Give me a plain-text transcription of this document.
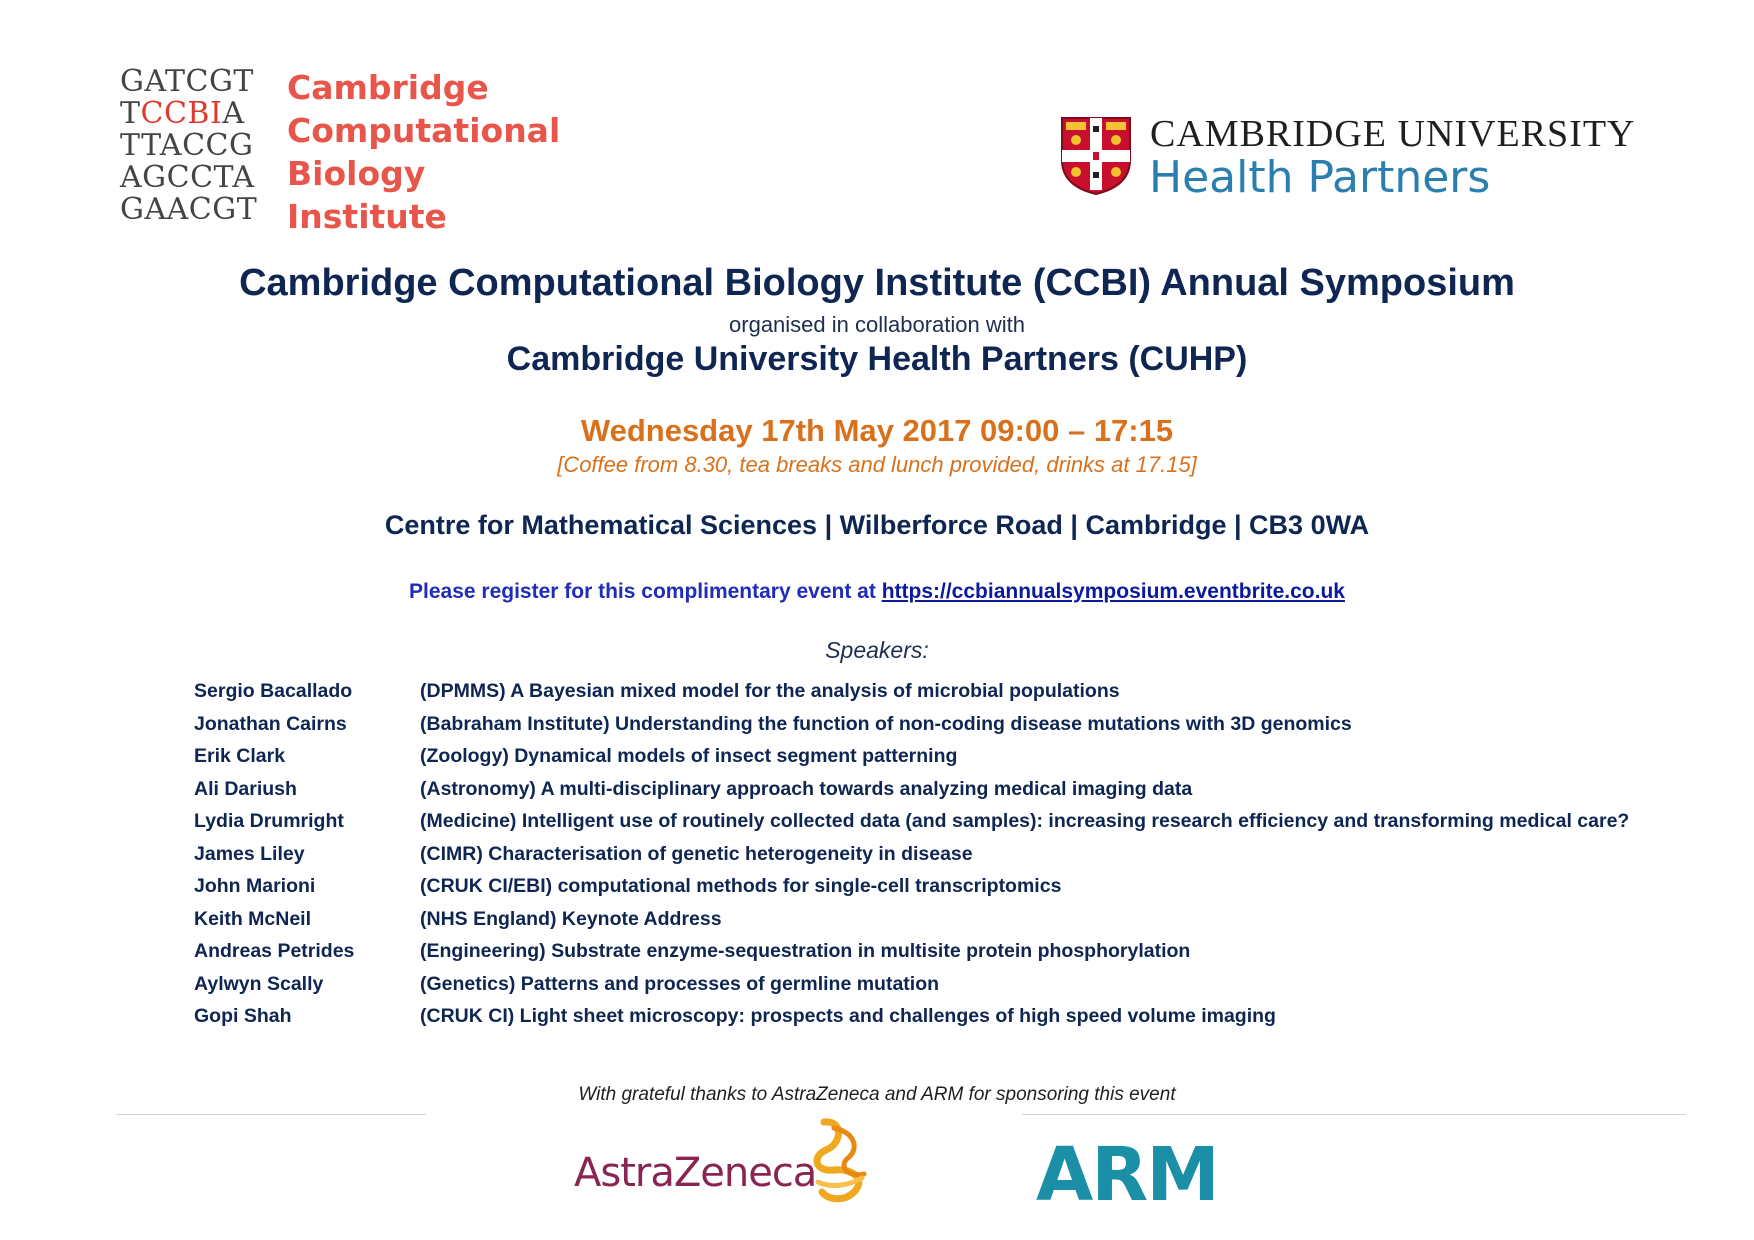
GATCGT
TCCBIA
TTACCG
AGCCTA
GAACGT
Cambridge
Computational
Biology
Institute
CAMBRIDGE UNIVERSITY
Health Partners
Cambridge Computational Biology Institute (CCBI) Annual Symposium
organised in collaboration with
Cambridge University Health Partners (CUHP)
Wednesday 17th May 2017 09:00 – 17:15
[Coffee from 8.30, tea breaks and lunch provided, drinks at 17.15]
Centre for Mathematical Sciences | Wilberforce Road | Cambridge | CB3 0WA
Please register for this complimentary event at https://ccbiannualsymposium.eventbrite.co.uk
Speakers:
Sergio Bacallado	(DPMMS) A Bayesian mixed model for the analysis of microbial populations
Jonathan Cairns	(Babraham Institute) Understanding the function of non-coding disease mutations with 3D genomics
Erik Clark	(Zoology) Dynamical models of insect segment patterning
Ali Dariush	(Astronomy) A multi-disciplinary approach towards analyzing medical imaging data
Lydia Drumright	(Medicine) Intelligent use of routinely collected data (and samples): increasing research efficiency and transforming medical care?
James Liley	(CIMR) Characterisation of genetic heterogeneity in disease
John Marioni	(CRUK CI/EBI) computational methods for single-cell transcriptomics
Keith McNeil	(NHS England) Keynote Address
Andreas Petrides	(Engineering) Substrate enzyme-sequestration in multisite protein phosphorylation
Aylwyn Scally	(Genetics) Patterns and processes of germline mutation
Gopi Shah	(CRUK CI) Light sheet microscopy: prospects and challenges of high speed volume imaging
With grateful thanks to AstraZeneca and ARM for sponsoring this event
AstraZeneca	ARM
